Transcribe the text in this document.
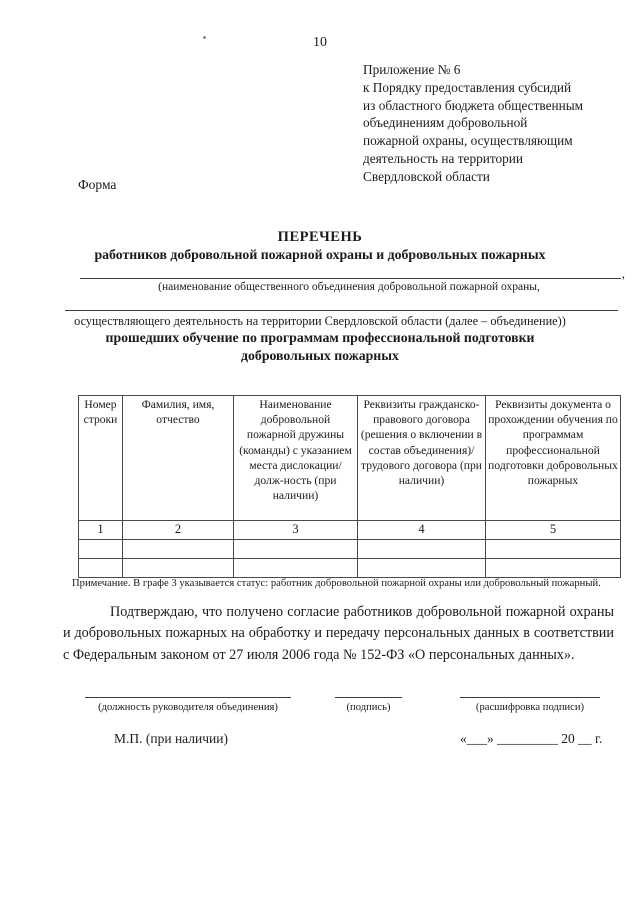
10
Приложение № 6
к Порядку предоставления субсидий
из областного бюджета общественным
объединениям добровольной
пожарной охраны, осуществляющим
деятельность на территории
Свердловской области
Форма
ПЕРЕЧЕНЬ
работников добровольной пожарной охраны и добровольных пожарных
,
(наименование общественного объединения добровольной пожарной охраны,
осуществляющего деятельность на территории Свердловской области (далее – объединение))
прошедших обучение по программам профессиональной подготовки
добровольных пожарных
Номер строки	Фамилия, имя, отчество	Наименование добровольной пожарной дружины (команды) с указанием места дислокации/долж-ность (при наличии)	Реквизиты гражданско-правового договора (решения о включении в состав объединения)/ трудового договора (при наличии)	Реквизиты документа о прохождении обучения по программам профессиональной подготовки добровольных пожарных
1	2	3	4	5

Примечание. В графе 3 указывается статус: работник добровольной пожарной охраны или добровольный пожарный.
Подтверждаю, что получено согласие работников добровольной пожарной охраны и добровольных пожарных на обработку и передачу персональных данных в соответствии с Федеральным законом от 27 июля 2006 года № 152-ФЗ «О персональных данных».
(должность руководителя объединения)	(подпись)	(расшифровка подписи)
М.П. (при наличии)	«___» _________ 20 __ г.
